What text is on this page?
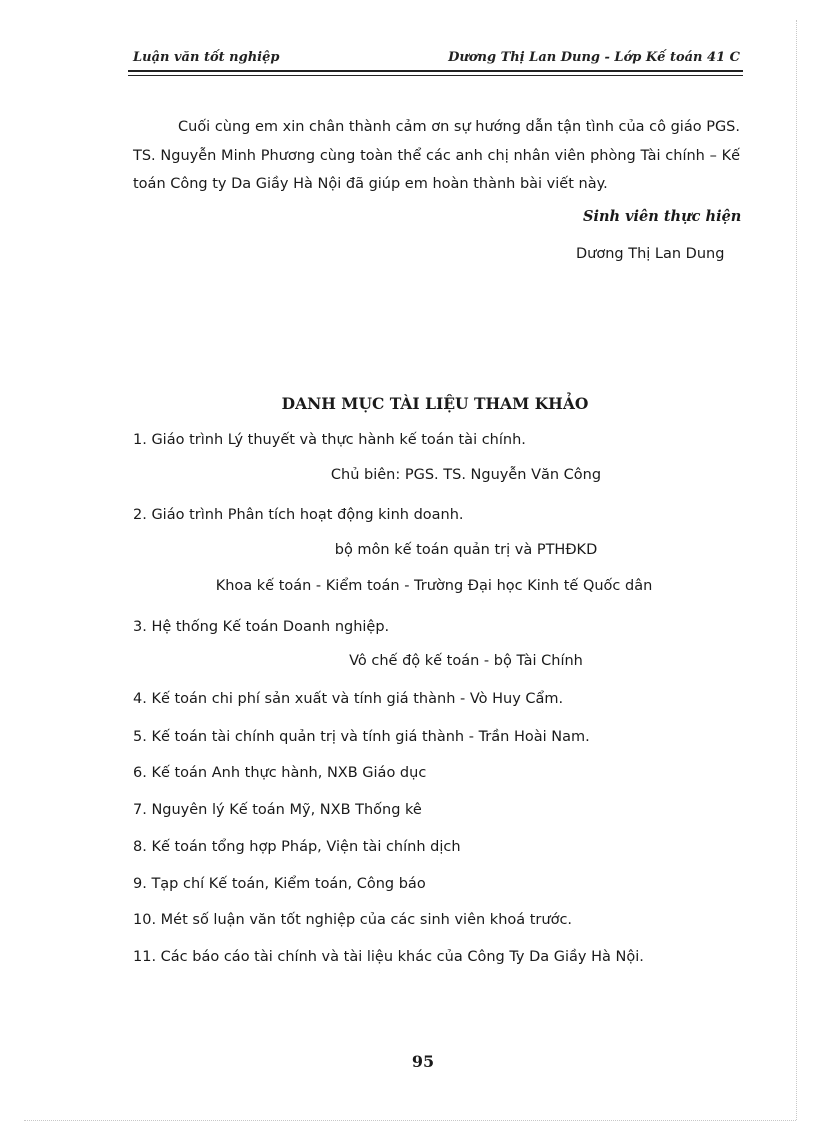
Luận văn tốt nghiệp	Dương Thị Lan Dung - Lớp Kế toán 41 C
Cuối cùng em xin chân thành cảm ơn sự hướng dẫn tận tình của cô giáo PGS.
TS. Nguyễn Minh Phương cùng toàn thể các anh chị nhân viên phòng Tài chính – Kế
toán Công ty Da Giầy Hà Nội đã giúp em hoàn thành bài viết này.
Sinh viên thực hiện
Dương Thị Lan Dung
DANH MỤC TÀI LIỆU THAM KHẢO
1. Giáo trình Lý thuyết và thực hành kế toán tài chính.
Chủ biên: PGS. TS. Nguyễn Văn Công
2. Giáo trình Phân tích hoạt động kinh doanh.
bộ môn kế toán quản trị và PTHĐKD
Khoa kế toán - Kiểm toán - Trường Đại học Kinh tế Quốc dân
3. Hệ thống Kế toán Doanh nghiệp.
Vô chế độ kế toán - bộ Tài Chính
4. Kế toán chi phí sản xuất và tính giá thành - Vò Huy Cẩm.
5. Kế toán tài chính quản trị và tính giá thành - Trần Hoài Nam.
6. Kế toán Anh thực hành, NXB Giáo dục
7. Nguyên lý Kế toán Mỹ, NXB Thống kê
8. Kế toán tổng hợp Pháp, Viện tài chính dịch
9. Tạp chí Kế toán, Kiểm toán, Công báo
10. Mét số luận văn tốt nghiệp của các sinh viên khoá trước.
11. Các báo cáo tài chính và tài liệu khác của Công Ty Da Giầy Hà Nội.
95
